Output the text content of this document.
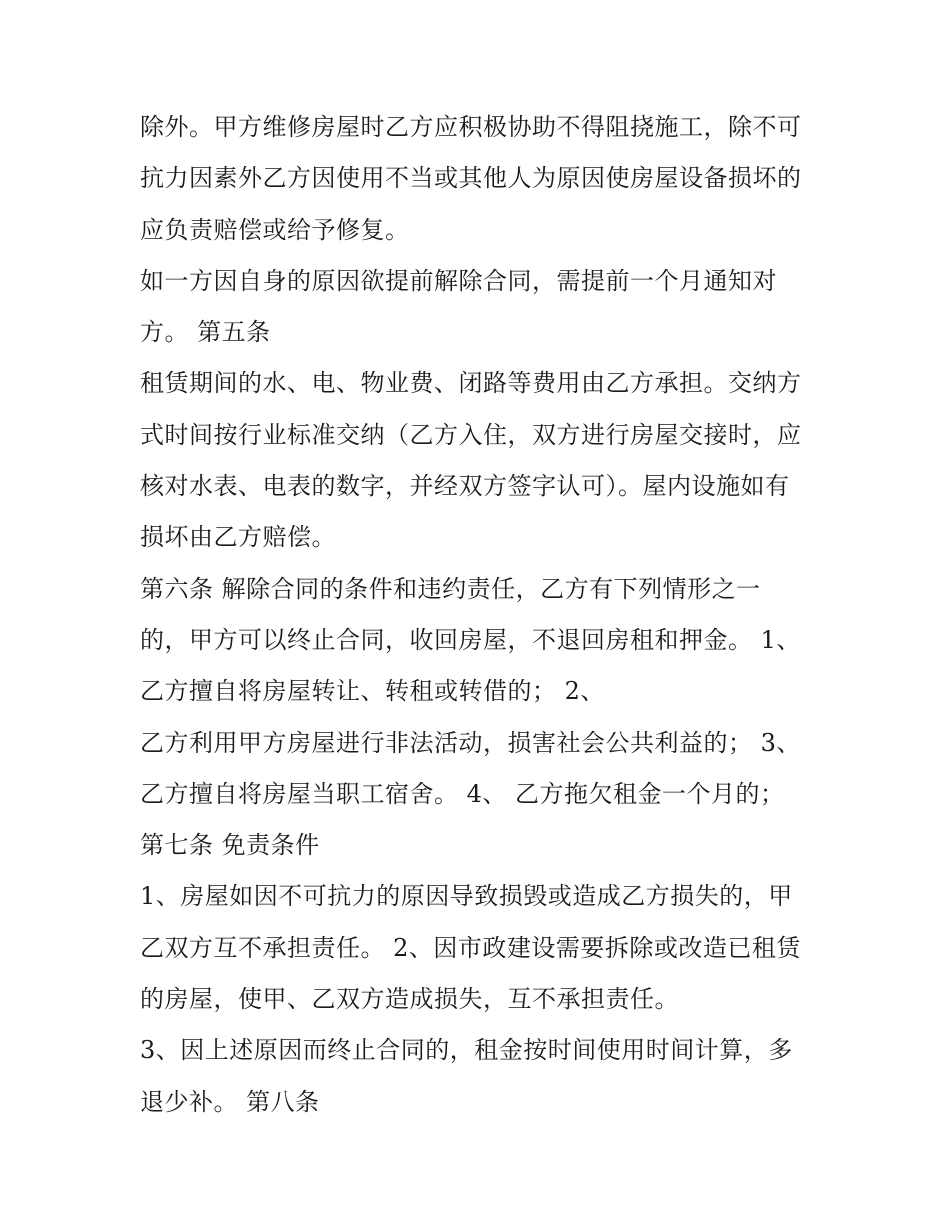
除外。甲方维修房屋时乙方应积极协助不得阻挠施工，除不可
抗力因素外乙方因使用不当或其他人为原因使房屋设备损坏的
应负责赔偿或给予修复。
如一方因自身的原因欲提前解除合同，需提前一个月通知对
方。 第五条
租赁期间的水、电、物业费、闭路等费用由乙方承担。交纳方
式时间按行业标准交纳（乙方入住，双方进行房屋交接时，应
核对水表、电表的数字，并经双方签字认可）。屋内设施如有
损坏由乙方赔偿。
第六条 解除合同的条件和违约责任，乙方有下列情形之一
的，甲方可以终止合同，收回房屋，不退回房租和押金。 1、
乙方擅自将房屋转让、转租或转借的； 2、
乙方利用甲方房屋进行非法活动，损害社会公共利益的； 3、
乙方擅自将房屋当职工宿舍。 4、 乙方拖欠租金一个月的；
第七条 免责条件
1、房屋如因不可抗力的原因导致损毁或造成乙方损失的，甲
乙双方互不承担责任。 2、因市政建设需要拆除或改造已租赁
的房屋，使甲、乙双方造成损失，互不承担责任。
3、因上述原因而终止合同的，租金按时间使用时间计算，多
退少补。 第八条
